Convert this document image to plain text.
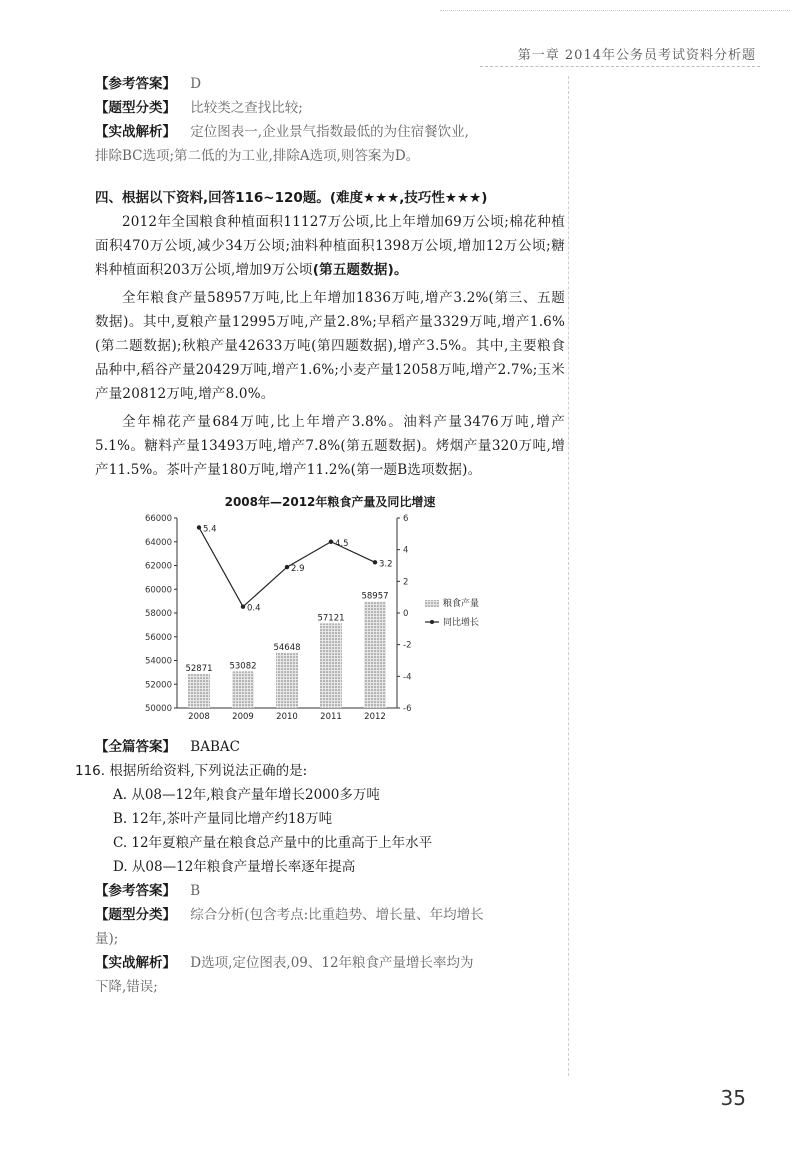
第一章 2014年公务员考试资料分析题

【参考答案】 D

【题型分类】 比较类之查找比较;

【实战解析】 定位图表一,企业景气指数最低的为住宿餐饮业,

排除BC选项;第二低的为工业,排除A选项,则答案为D。

四、根据以下资料,回答116~120题。(难度★★★,技巧性★★★)

2012年全国粮食种植面积11127万公顷,比上年增加69万公顷;棉花种植面积470万公顷,减少34万公顷;油料种植面积1398万公顷,增加12万公顷;糖料种植面积203万公顷,增加9万公顷(第五题数据)。

全年粮食产量58957万吨,比上年增加1836万吨,增产3.2%(第三、五题数据)。其中,夏粮产量12995万吨,产量2.8%;早稻产量3329万吨,增产1.6%(第二题数据);秋粮产量42633万吨(第四题数据),增产3.5%。其中,主要粮食品种中,稻谷产量20429万吨,增产1.6%;小麦产量12058万吨,增产2.7%;玉米产量20812万吨,增产8.0%。

全年棉花产量684万吨,比上年增产3.8%。油料产量3476万吨,增产5.1%。糖料产量13493万吨,增产7.8%(第五题数据)。烤烟产量320万吨,增产11.5%。茶叶产量180万吨,增产11.2%(第一题B选项数据)。

2008年—2012年粮食产量及同比增速
50000
52000
54000
56000
58000
60000
62000
64000
66000
-6
-4
-2
0
2
4
6
52871
2008
53082
2009
54648
2010
57121
2011
58957
2012
5.4
0.4
2.9
4.5
3.2
粮食产量
同比增长

【全篇答案】 BABAC

116. 根据所给资料,下列说法正确的是:

A. 从08—12年,粮食产量年增长2000多万吨

B. 12年,茶叶产量同比增产约18万吨

C. 12年夏粮产量在粮食总产量中的比重高于上年水平

D. 从08—12年粮食产量增长率逐年提高

【参考答案】 B

【题型分类】 综合分析(包含考点:比重趋势、增长量、年均增长

量);

【实战解析】 D选项,定位图表,09、12年粮食产量增长率均为

下降,错误;

35
